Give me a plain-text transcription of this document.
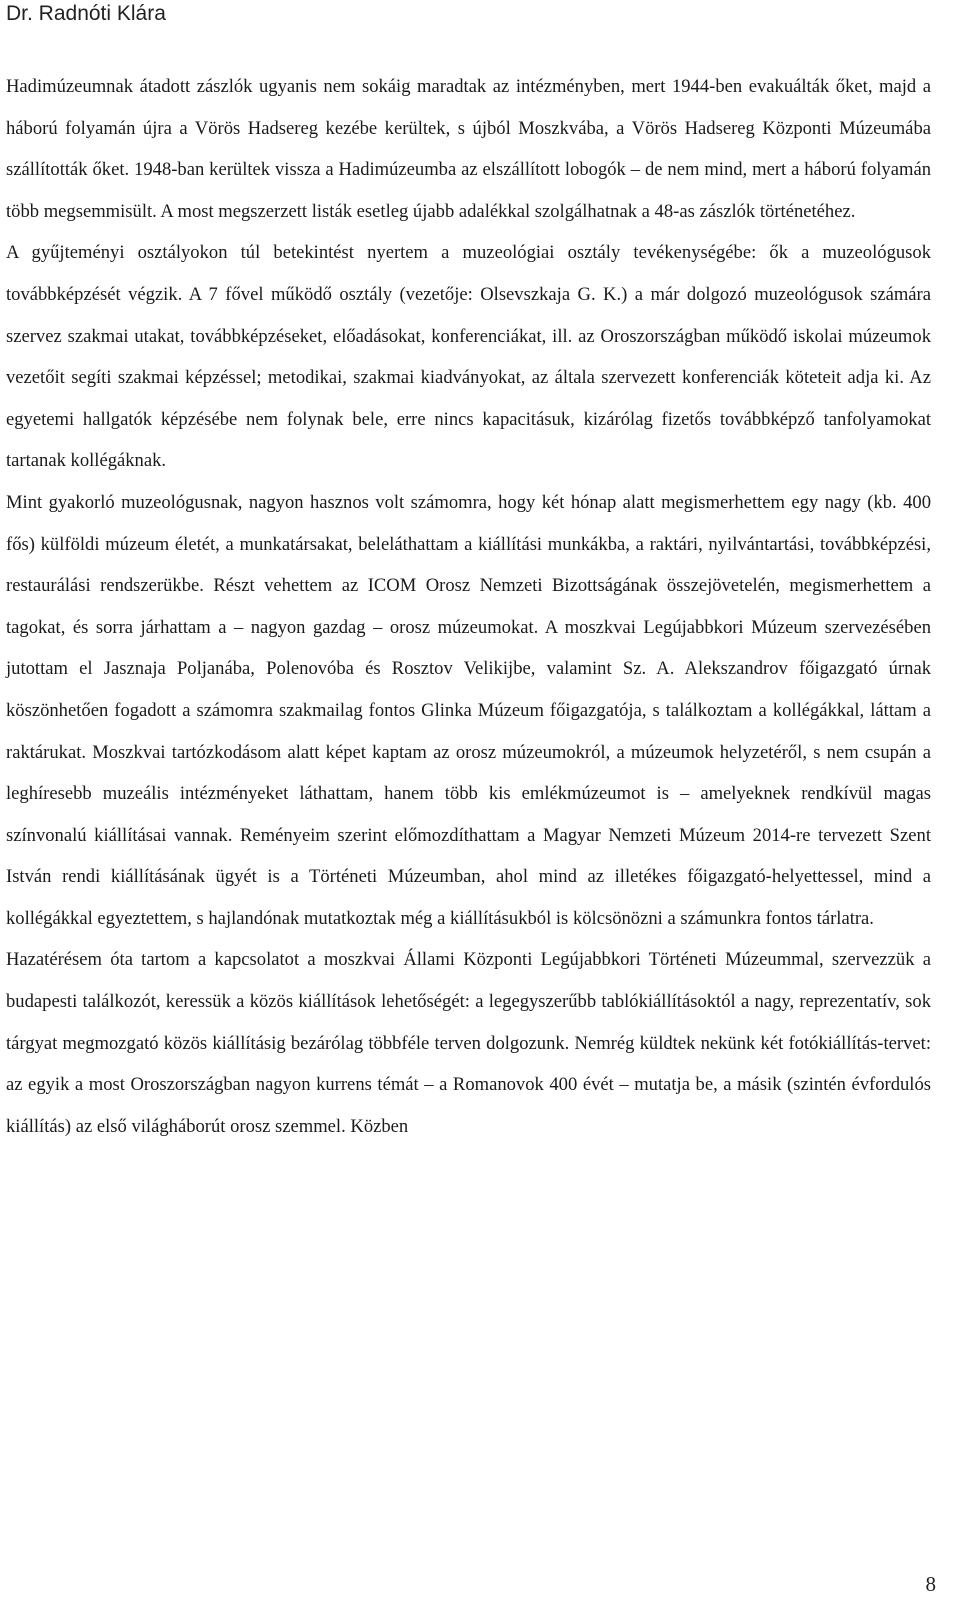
Dr. Radnóti Klára

Hadimúzeumnak átadott zászlók ugyanis nem sokáig maradtak az intézményben, mert 1944-ben evakuálták őket, majd a háború folyamán újra a Vörös Hadsereg kezébe kerültek, s újból Moszkvába, a Vörös Hadsereg Központi Múzeumába szállították őket. 1948-ban kerültek vissza a Hadimúzeumba az elszállított lobogók – de nem mind, mert a háború folyamán több megsemmisült. A most megszerzett listák esetleg újabb adalékkal szolgálhatnak a 48-as zászlók történetéhez.

A gyűjteményi osztályokon túl betekintést nyertem a muzeológiai osztály tevékenységébe: ők a muzeológusok továbbképzését végzik. A 7 fővel működő osztály (vezetője: Olsevszkaja G. K.) a már dolgozó muzeológusok számára szervez szakmai utakat, továbbképzéseket, előadásokat, konferenciákat, ill. az Oroszországban működő iskolai múzeumok vezetőit segíti szakmai képzéssel; metodikai, szakmai kiadványokat, az általa szervezett konferenciák köteteit adja ki. Az egyetemi hallgatók képzésébe nem folynak bele, erre nincs kapacitásuk, kizárólag fizetős továbbképző tanfolyamokat tartanak kollégáknak.

Mint gyakorló muzeológusnak, nagyon hasznos volt számomra, hogy két hónap alatt megismerhettem egy nagy (kb. 400 fős) külföldi múzeum életét, a munkatársakat, beleláthattam a kiállítási munkákba, a raktári, nyilvántartási, továbbképzési, restaurálási rendszerükbe. Részt vehettem az ICOM Orosz Nemzeti Bizottságának összejövetelén, megismerhettem a tagokat, és sorra járhattam a – nagyon gazdag – orosz múzeumokat. A moszkvai Legújabbkori Múzeum szervezésében jutottam el Jasznaja Poljanába, Polenovóba és Rosztov Velikijbe, valamint Sz. A. Alekszandrov főigazgató úrnak köszönhetően fogadott a számomra szakmailag fontos Glinka Múzeum főigazgatója, s találkoztam a kollégákkal, láttam a raktárukat. Moszkvai tartózkodásom alatt képet kaptam az orosz múzeumokról, a múzeumok helyzetéről, s nem csupán a leghíresebb muzeális intézményeket láthattam, hanem több kis emlékmúzeumot is – amelyeknek rendkívül magas színvonalú kiállításai vannak. Reményeim szerint előmozdíthattam a Magyar Nemzeti Múzeum 2014-re tervezett Szent István rendi kiállításának ügyét is a Történeti Múzeumban, ahol mind az illetékes főigazgató-helyettessel, mind a kollégákkal egyeztettem, s hajlandónak mutatkoztak még a kiállításukból is kölcsönözni a számunkra fontos tárlatra.

Hazatérésem óta tartom a kapcsolatot a moszkvai Állami Központi Legújabbkori Történeti Múzeummal, szervezzük a budapesti találkozót, keressük a közös kiállítások lehetőségét: a legegyszerűbb tablókiállításoktól a nagy, reprezentatív, sok tárgyat megmozgató közös kiállításig bezárólag többféle terven dolgozunk. Nemrég küldtek nekünk két fotókiállítás-tervet: az egyik a most Oroszországban nagyon kurrens témát – a Romanovok 400 évét – mutatja be, a másik (szintén évfordulós kiállítás) az első világháborút orosz szemmel. Közben

8
